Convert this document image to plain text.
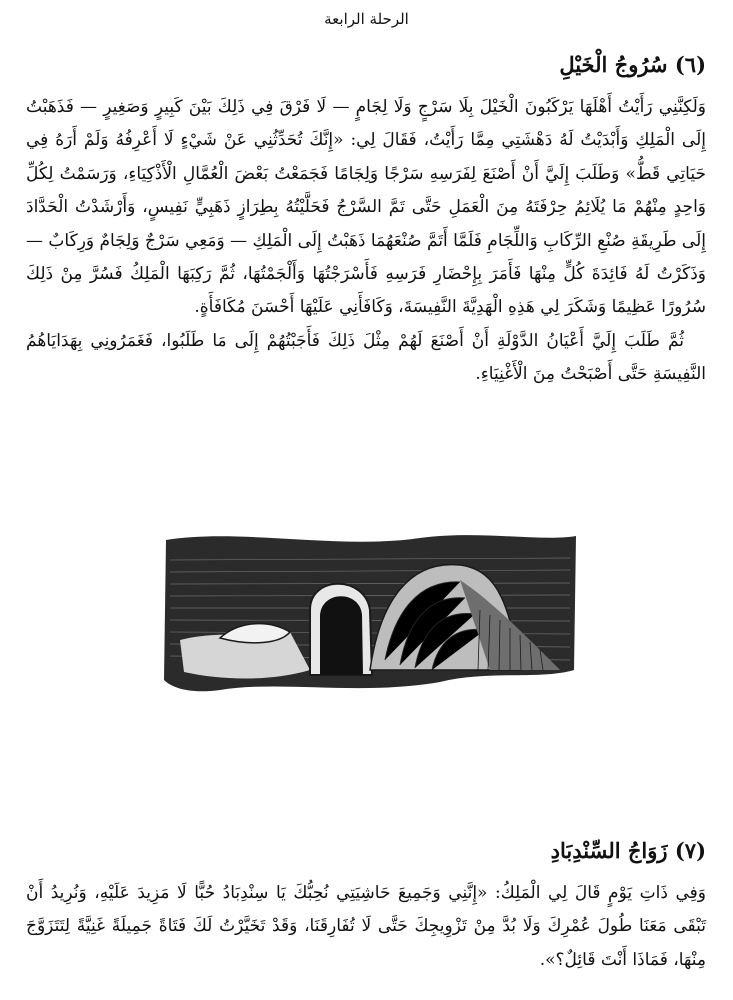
الرحلة الرابعة
(٦) سُرُوجُ الْخَيْلِ

وَلَكِنَّنِي رَأَيْتُ أَهْلَهَا يَرْكَبُونَ الْخَيْلَ بِلَا سَرْجٍ وَلَا لِجَامٍ — لَا فَرْقَ فِي ذَلِكَ بَيْنَ كَبِيرٍ وَصَغِيرٍ — فَذَهَبْتُ إِلَى الْمَلِكِ وَأَبْدَيْتُ لَهُ دَهْشَتِي مِمَّا رَأَيْتُ، فَقَالَ لِي: «إِنَّكَ تُحَدِّثُنِي عَنْ شَيْءٍ لَا أَعْرِفُهُ وَلَمْ أَرَهُ فِي حَيَاتِي قَطُّ» وَطَلَبَ إِلَيَّ أَنْ أَصْنَعَ لِفَرَسِهِ سَرْجًا وَلِجَامًا فَجَمَعْتُ بَعْضَ الْعُمَّالِ الْأَذْكِيَاءِ، وَرَسَمْتُ لِكُلِّ وَاحِدٍ مِنْهُمْ مَا يُلَائِمُ حِرْفَتَهُ مِنَ الْعَمَلِ حَتَّى تَمَّ السَّرْجُ فَحَلَّيْتُهُ بِطِرَازٍ ذَهَبِيٍّ نَفِيسٍ، وَأَرْشَدْتُ الْحَدَّادَ إِلَى طَرِيقَةِ صُنْعِ الرِّكَابِ وَاللِّجَامِ فَلَمَّا أَتَمَّ صُنْعَهُمَا ذَهَبْتُ إِلَى الْمَلِكِ — وَمَعِي سَرْجٌ وَلِجَامٌ وَرِكَابٌ — وَذَكَرْتُ لَهُ فَائِدَةَ كُلٍّ مِنْهَا فَأَمَرَ بِإِحْضَارِ فَرَسِهِ فَأَسْرَجْتُهَا وَأَلْجَمْتُهَا، ثُمَّ رَكِبَهَا الْمَلِكُ فَسُرَّ مِنْ ذَلِكَ سُرُورًا عَظِيمًا وَشَكَرَ لِي هَذِهِ الْهَدِيَّةَ النَّفِيسَةَ، وَكَافَأَنِي عَلَيْهَا أَحْسَنَ مُكَافَأَةٍ.

ثُمَّ طَلَبَ إِلَيَّ أَعْيَانُ الدَّوْلَةِ أَنْ أَصْنَعَ لَهُمْ مِثْلَ ذَلِكَ فَأَجَبْتُهُمْ إِلَى مَا طَلَبُوا، فَغَمَرُونِي بِهَدَايَاهُمُ النَّفِيسَةِ حَتَّى أَصْبَحْتُ مِنَ الْأَغْنِيَاءِ.

(٧) زَوَاجُ السِّنْدِبَادِ

وَفِي ذَاتِ يَوْمٍ قَالَ لِي الْمَلِكُ: «إِنَّنِي وَجَمِيعَ حَاشِيَتِي نُحِبُّكَ يَا سِنْدِبَادُ حُبًّا لَا مَزِيدَ عَلَيْهِ، وَنُرِيدُ أَنْ تَبْقَى مَعَنَا طُولَ عُمْرِكَ وَلَا بُدَّ مِنْ تَزْوِيجِكَ حَتَّى لَا تُفَارِقَنَا، وَقَدْ تَخَيَّرْتُ لَكَ فَتَاةً جَمِيلَةً غَنِيَّةً لِتَتَزَوَّجَ مِنْهَا، فَمَاذَا أَنْتَ قَائِلٌ؟».
